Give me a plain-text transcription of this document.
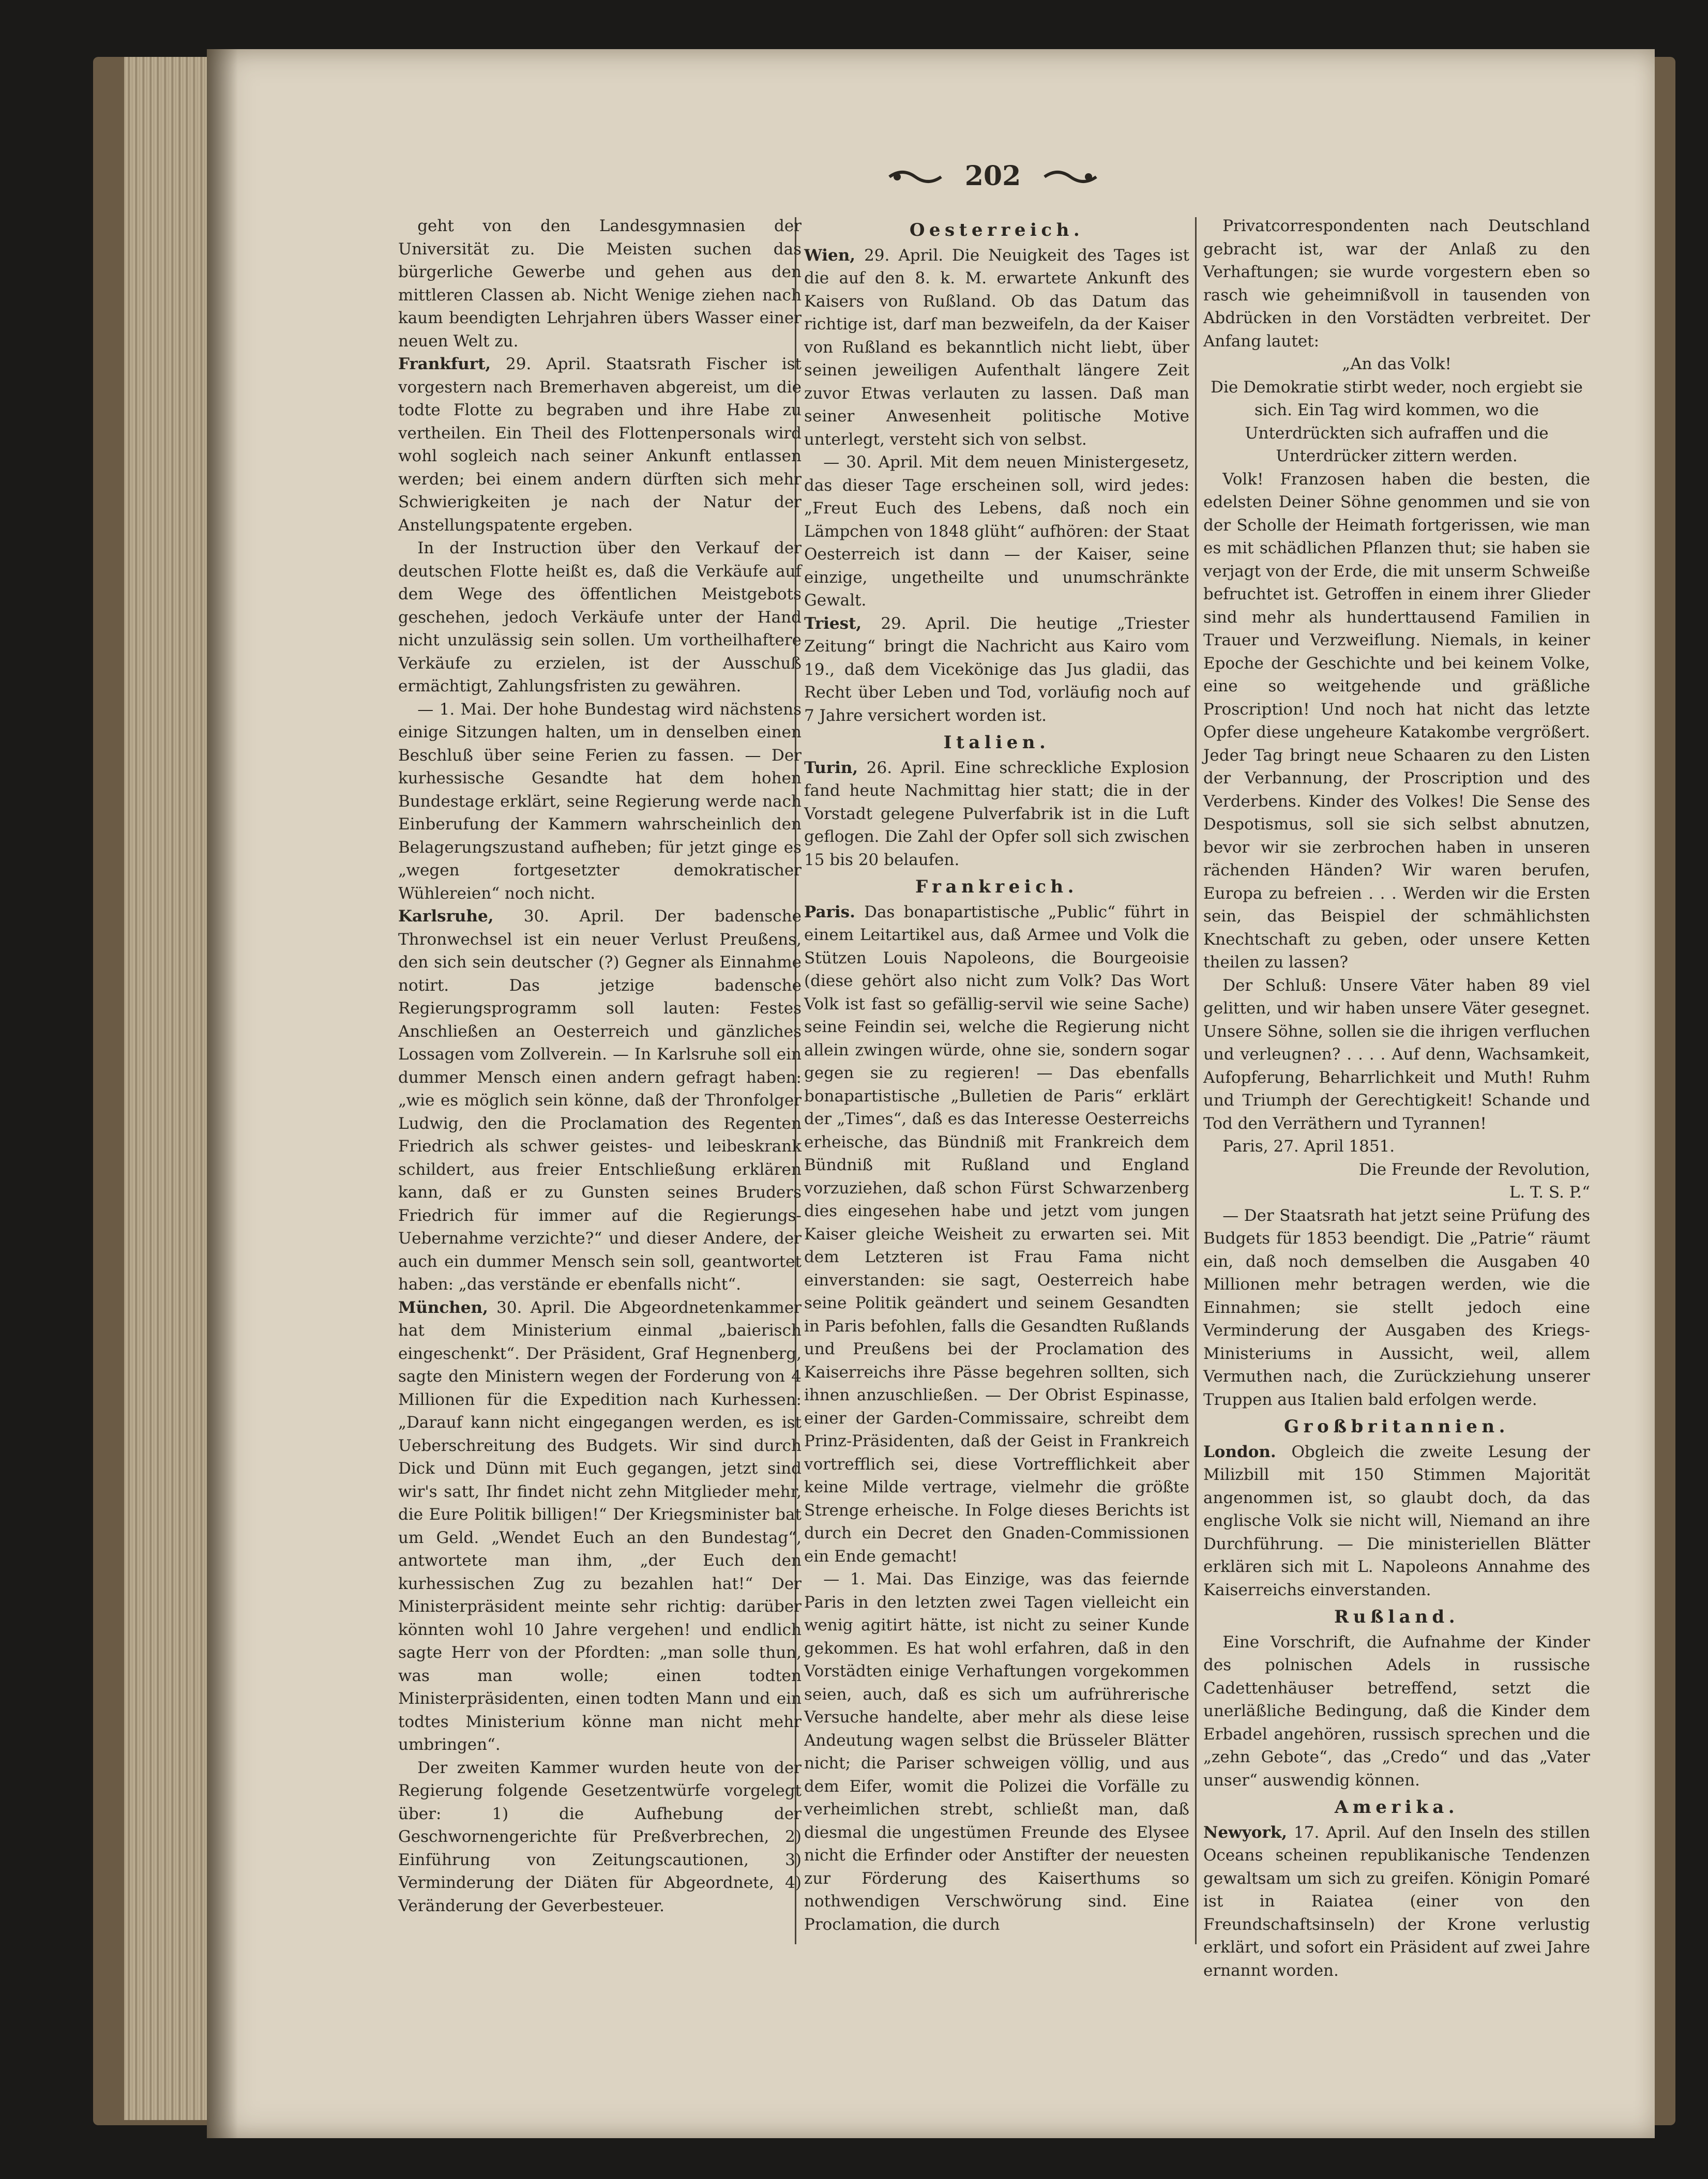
202

geht von den Landesgymnasien der Universität zu. Die Meisten suchen das bürgerliche Gewerbe und gehen aus den mittleren Classen ab. Nicht Wenige ziehen nach kaum beendigten Lehrjahren übers Wasser einer neuen Welt zu.

Frankfurt, 29. April. Staatsrath Fischer ist vorgestern nach Bremerhaven abgereist, um die todte Flotte zu begraben und ihre Habe zu vertheilen. Ein Theil des Flottenpersonals wird wohl sogleich nach seiner Ankunft entlassen werden; bei einem andern dürften sich mehr Schwierigkeiten je nach der Natur der Anstellungspatente ergeben.

In der Instruction über den Verkauf der deutschen Flotte heißt es, daß die Verkäufe auf dem Wege des öffentlichen Meistgebots geschehen, jedoch Verkäufe unter der Hand nicht unzulässig sein sollen. Um vortheilhaftere Verkäufe zu erzielen, ist der Ausschuß ermächtigt, Zahlungsfristen zu gewähren.

— 1. Mai. Der hohe Bundestag wird nächstens einige Sitzungen halten, um in denselben einen Beschluß über seine Ferien zu fassen. — Der kurhessische Gesandte hat dem hohen Bundestage erklärt, seine Regierung werde nach Einberufung der Kammern wahrscheinlich den Belagerungszustand aufheben; für jetzt ginge es „wegen fortgesetzter demokratischer Wühlereien“ noch nicht.

Karlsruhe, 30. April. Der badensche Thronwechsel ist ein neuer Verlust Preußens, den sich sein deutscher (?) Gegner als Einnahme notirt. Das jetzige badensche Regierungsprogramm soll lauten: Festes Anschließen an Oesterreich und gänzliches Lossagen vom Zollverein. — In Karlsruhe soll ein dummer Mensch einen andern gefragt haben: „wie es möglich sein könne, daß der Thronfolger Ludwig, den die Proclamation des Regenten Friedrich als schwer geistes- und leibeskrank schildert, aus freier Entschließung erklären kann, daß er zu Gunsten seines Bruders Friedrich für immer auf die Regierungs-Uebernahme verzichte?“ und dieser Andere, der auch ein dummer Mensch sein soll, geantwortet haben: „das verstände er ebenfalls nicht“.

München, 30. April. Die Abgeordnetenkammer hat dem Ministerium einmal „baierisch eingeschenkt“. Der Präsident, Graf Hegnenberg, sagte den Ministern wegen der Forderung von 4 Millionen für die Expedition nach Kurhessen: „Darauf kann nicht eingegangen werden, es ist Ueberschreitung des Budgets. Wir sind durch Dick und Dünn mit Euch gegangen, jetzt sind wir's satt, Ihr findet nicht zehn Mitglieder mehr, die Eure Politik billigen!“ Der Kriegsminister bat um Geld. „Wendet Euch an den Bundestag“, antwortete man ihm, „der Euch den kurhessischen Zug zu bezahlen hat!“ Der Ministerpräsident meinte sehr richtig: darüber könnten wohl 10 Jahre vergehen! und endlich sagte Herr von der Pfordten: „man solle thun, was man wolle; einen todten Ministerpräsidenten, einen todten Mann und ein todtes Ministerium könne man nicht mehr umbringen“.

Der zweiten Kammer wurden heute von der Regierung folgende Gesetzentwürfe vorgelegt über: 1) die Aufhebung der Geschwornengerichte für Preßverbrechen, 2) Einführung von Zeitungscautionen, 3) Verminderung der Diäten für Abgeordnete, 4) Veränderung der Geverbesteuer.

Oesterreich.

Wien, 29. April. Die Neuigkeit des Tages ist die auf den 8. k. M. erwartete Ankunft des Kaisers von Rußland. Ob das Datum das richtige ist, darf man bezweifeln, da der Kaiser von Rußland es bekanntlich nicht liebt, über seinen jeweiligen Aufenthalt längere Zeit zuvor Etwas verlauten zu lassen. Daß man seiner Anwesenheit politische Motive unterlegt, versteht sich von selbst.

— 30. April. Mit dem neuen Ministergesetz, das dieser Tage erscheinen soll, wird jedes: „Freut Euch des Lebens, daß noch ein Lämpchen von 1848 glüht“ aufhören: der Staat Oesterreich ist dann — der Kaiser, seine einzige, ungetheilte und unumschränkte Gewalt.

Triest, 29. April. Die heutige „Triester Zeitung“ bringt die Nachricht aus Kairo vom 19., daß dem Vicekönige das Jus gladii, das Recht über Leben und Tod, vorläufig noch auf 7 Jahre versichert worden ist.

Italien.

Turin, 26. April. Eine schreckliche Explosion fand heute Nachmittag hier statt; die in der Vorstadt gelegene Pulverfabrik ist in die Luft geflogen. Die Zahl der Opfer soll sich zwischen 15 bis 20 belaufen.

Frankreich.

Paris. Das bonapartistische „Public“ führt in einem Leitartikel aus, daß Armee und Volk die Stützen Louis Napoleons, die Bourgeoisie (diese gehört also nicht zum Volk? Das Wort Volk ist fast so gefällig-servil wie seine Sache) seine Feindin sei, welche die Regierung nicht allein zwingen würde, ohne sie, sondern sogar gegen sie zu regieren! — Das ebenfalls bonapartistische „Bulletien de Paris“ erklärt der „Times“, daß es das Interesse Oesterreichs erheische, das Bündniß mit Frankreich dem Bündniß mit Rußland und England vorzuziehen, daß schon Fürst Schwarzenberg dies eingesehen habe und jetzt vom jungen Kaiser gleiche Weisheit zu erwarten sei. Mit dem Letzteren ist Frau Fama nicht einverstanden: sie sagt, Oesterreich habe seine Politik geändert und seinem Gesandten in Paris befohlen, falls die Gesandten Rußlands und Preußens bei der Proclamation des Kaiserreichs ihre Pässe begehren sollten, sich ihnen anzuschließen. — Der Obrist Espinasse, einer der Garden-Commissaire, schreibt dem Prinz-Präsidenten, daß der Geist in Frankreich vortrefflich sei, diese Vortrefflichkeit aber keine Milde vertrage, vielmehr die größte Strenge erheische. In Folge dieses Berichts ist durch ein Decret den Gnaden-Commissionen ein Ende gemacht!

— 1. Mai. Das Einzige, was das feiernde Paris in den letzten zwei Tagen vielleicht ein wenig agitirt hätte, ist nicht zu seiner Kunde gekommen. Es hat wohl erfahren, daß in den Vorstädten einige Verhaftungen vorgekommen seien, auch, daß es sich um aufrührerische Versuche handelte, aber mehr als diese leise Andeutung wagen selbst die Brüsseler Blätter nicht; die Pariser schweigen völlig, und aus dem Eifer, womit die Polizei die Vorfälle zu verheimlichen strebt, schließt man, daß diesmal die ungestümen Freunde des Elysee nicht die Erfinder oder Anstifter der neuesten zur Förderung des Kaiserthums so nothwendigen Verschwörung sind. Eine Proclamation, die durch

Privatcorrespondenten nach Deutschland gebracht ist, war der Anlaß zu den Verhaftungen; sie wurde vorgestern eben so rasch wie geheimnißvoll in tausenden von Abdrücken in den Vorstädten verbreitet. Der Anfang lautet:

„An das Volk!

Die Demokratie stirbt weder, noch ergiebt sie sich. Ein Tag wird kommen, wo die Unterdrückten sich aufraffen und die Unterdrücker zittern werden.

Volk! Franzosen haben die besten, die edelsten Deiner Söhne genommen und sie von der Scholle der Heimath fortgerissen, wie man es mit schädlichen Pflanzen thut; sie haben sie verjagt von der Erde, die mit unserm Schweiße befruchtet ist. Getroffen in einem ihrer Glieder sind mehr als hunderttausend Familien in Trauer und Verzweiflung. Niemals, in keiner Epoche der Geschichte und bei keinem Volke, eine so weitgehende und gräßliche Proscription! Und noch hat nicht das letzte Opfer diese ungeheure Katakombe vergrößert. Jeder Tag bringt neue Schaaren zu den Listen der Verbannung, der Proscription und des Verderbens. Kinder des Volkes! Die Sense des Despotismus, soll sie sich selbst abnutzen, bevor wir sie zerbrochen haben in unseren rächenden Händen? Wir waren berufen, Europa zu befreien . . . Werden wir die Ersten sein, das Beispiel der schmählichsten Knechtschaft zu geben, oder unsere Ketten theilen zu lassen?

Der Schluß: Unsere Väter haben 89 viel gelitten, und wir haben unsere Väter gesegnet. Unsere Söhne, sollen sie die ihrigen verfluchen und verleugnen? . . . . Auf denn, Wachsamkeit, Aufopferung, Beharrlichkeit und Muth! Ruhm und Triumph der Gerechtigkeit! Schande und Tod den Verräthern und Tyrannen!

Paris, 27. April 1851.

Die Freunde der Revolution,

L. T. S. P.“

— Der Staatsrath hat jetzt seine Prüfung des Budgets für 1853 beendigt. Die „Patrie“ räumt ein, daß noch demselben die Ausgaben 40 Millionen mehr betragen werden, wie die Einnahmen; sie stellt jedoch eine Verminderung der Ausgaben des Kriegs-Ministeriums in Aussicht, weil, allem Vermuthen nach, die Zurückziehung unserer Truppen aus Italien bald erfolgen werde.

Großbritannien.

London. Obgleich die zweite Lesung der Milizbill mit 150 Stimmen Majorität angenommen ist, so glaubt doch, da das englische Volk sie nicht will, Niemand an ihre Durchführung. — Die ministeriellen Blätter erklären sich mit L. Napoleons Annahme des Kaiserreichs einverstanden.

Rußland.

Eine Vorschrift, die Aufnahme der Kinder des polnischen Adels in russische Cadettenhäuser betreffend, setzt die unerläßliche Bedingung, daß die Kinder dem Erbadel angehören, russisch sprechen und die „zehn Gebote“, das „Credo“ und das „Vater unser“ auswendig können.

Amerika.

Newyork, 17. April. Auf den Inseln des stillen Oceans scheinen republikanische Tendenzen gewaltsam um sich zu greifen. Königin Pomaré ist in Raiatea (einer von den Freundschaftsinseln) der Krone verlustig erklärt, und sofort ein Präsident auf zwei Jahre ernannt worden.
